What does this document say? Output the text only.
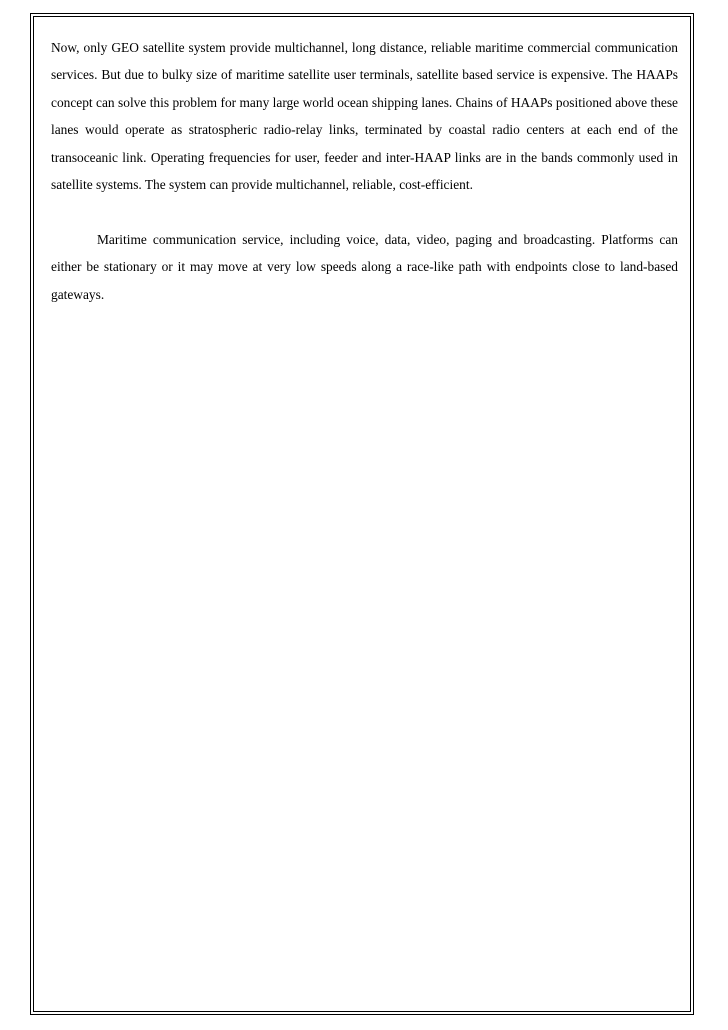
Now, only GEO satellite system provide multichannel, long distance, reliable maritime commercial communication services. But due to bulky size of maritime satellite user terminals, satellite based service is expensive. The HAAPs concept can solve this problem for many large world ocean shipping lanes. Chains of HAAPs positioned above these lanes would operate as stratospheric radio-relay links, terminated by coastal radio centers at each end of the transoceanic link. Operating frequencies for user, feeder and inter-HAAP links are in the bands commonly used in satellite systems. The system can provide multichannel, reliable, cost-efficient.

Maritime communication service, including voice, data, video, paging and broadcasting. Platforms can either be stationary or it may move at very low speeds along a race-like path with endpoints close to land-based gateways.
